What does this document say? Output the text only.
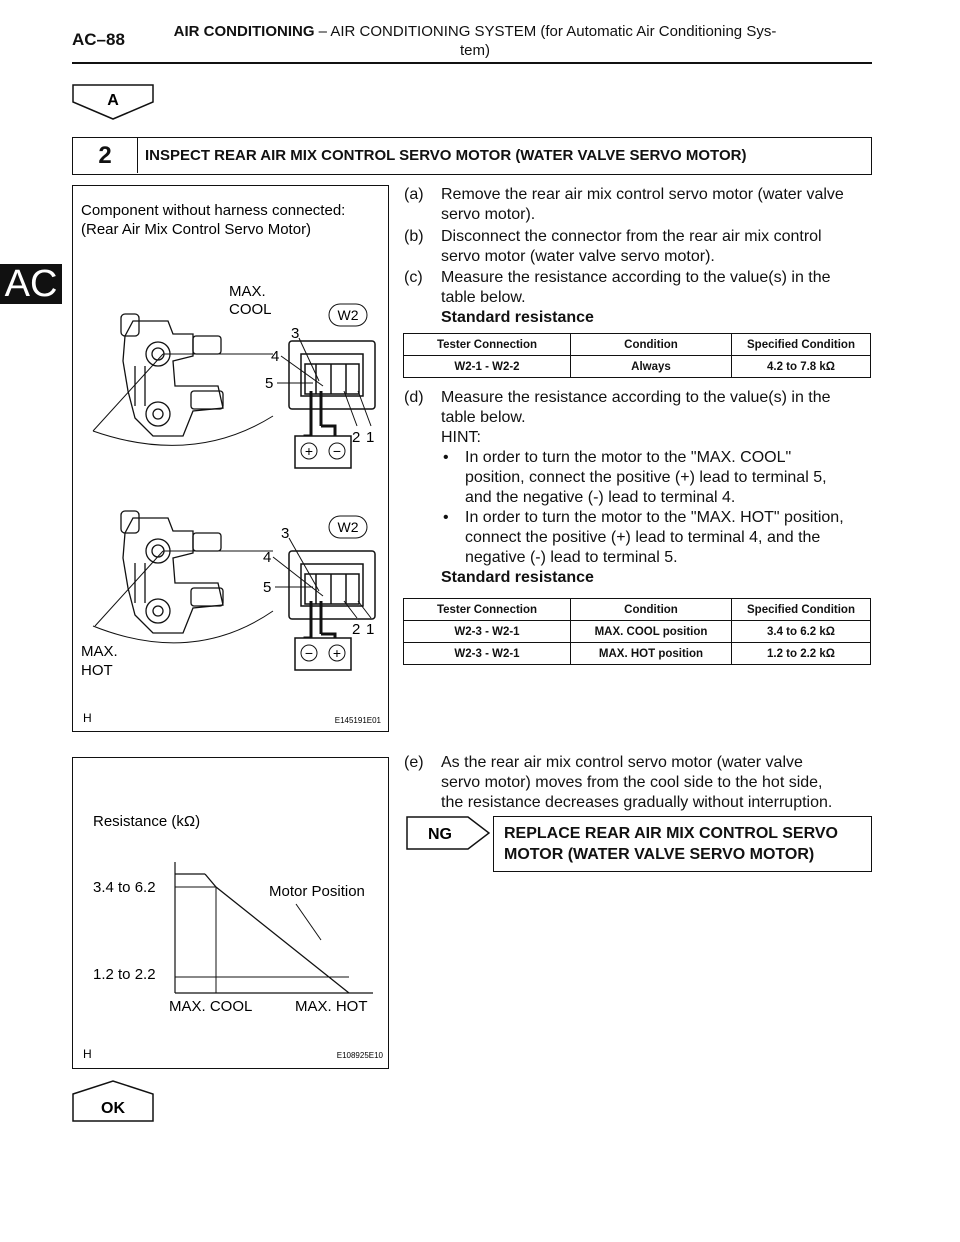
AC–88	AIR CONDITIONING – AIR CONDITIONING SYSTEM (for Automatic Air Conditioning Sys-
tem)
AC
A
2	INSPECT REAR AIR MIX CONTROL SERVO MOTOR (WATER VALVE SERVO MOTOR)
Component without harness connected:
(Rear Air Mix Control Servo Motor)
MAX.
COOL	W2
+ −
3
4
5
2 1
MAX.
HOT
W2
− +
3
4
5
2 1
H	E145191E01
(a) Remove the rear air mix control servo motor (water valve
servo motor).
(b) Disconnect the connector from the rear air mix control
servo motor (water valve servo motor).
(c) Measure the resistance according to the value(s) in the
table below.
Standard resistance
Tester Connection	Condition	Specified Condition
W2-1 - W2-2	Always	4.2 to 7.8 kΩ
(d) Measure the resistance according to the value(s) in the
table below.
HINT:
• In order to turn the motor to the "MAX. COOL"
position, connect the positive (+) lead to terminal 5,
and the negative (-) lead to terminal 4.
• In order to turn the motor to the "MAX. HOT" position,
connect the positive (+) lead to terminal 4, and the
negative (-) lead to terminal 5.
Standard resistance
Tester Connection	Condition	Specified Condition
W2-3 - W2-1	MAX. COOL position	3.4 to 6.2 kΩ
W2-3 - W2-1	MAX. HOT position	1.2 to 2.2 kΩ
Resistance (kΩ)
3.4 to 6.2
1.2 to 2.2
Motor Position
MAX. COOL	MAX. HOT
H	E108925E10
(e) As the rear air mix control servo motor (water valve
servo motor) moves from the cool side to the hot side,
the resistance decreases gradually without interruption.
NG	REPLACE REAR AIR MIX CONTROL SERVO
MOTOR (WATER VALVE SERVO MOTOR)
OK
